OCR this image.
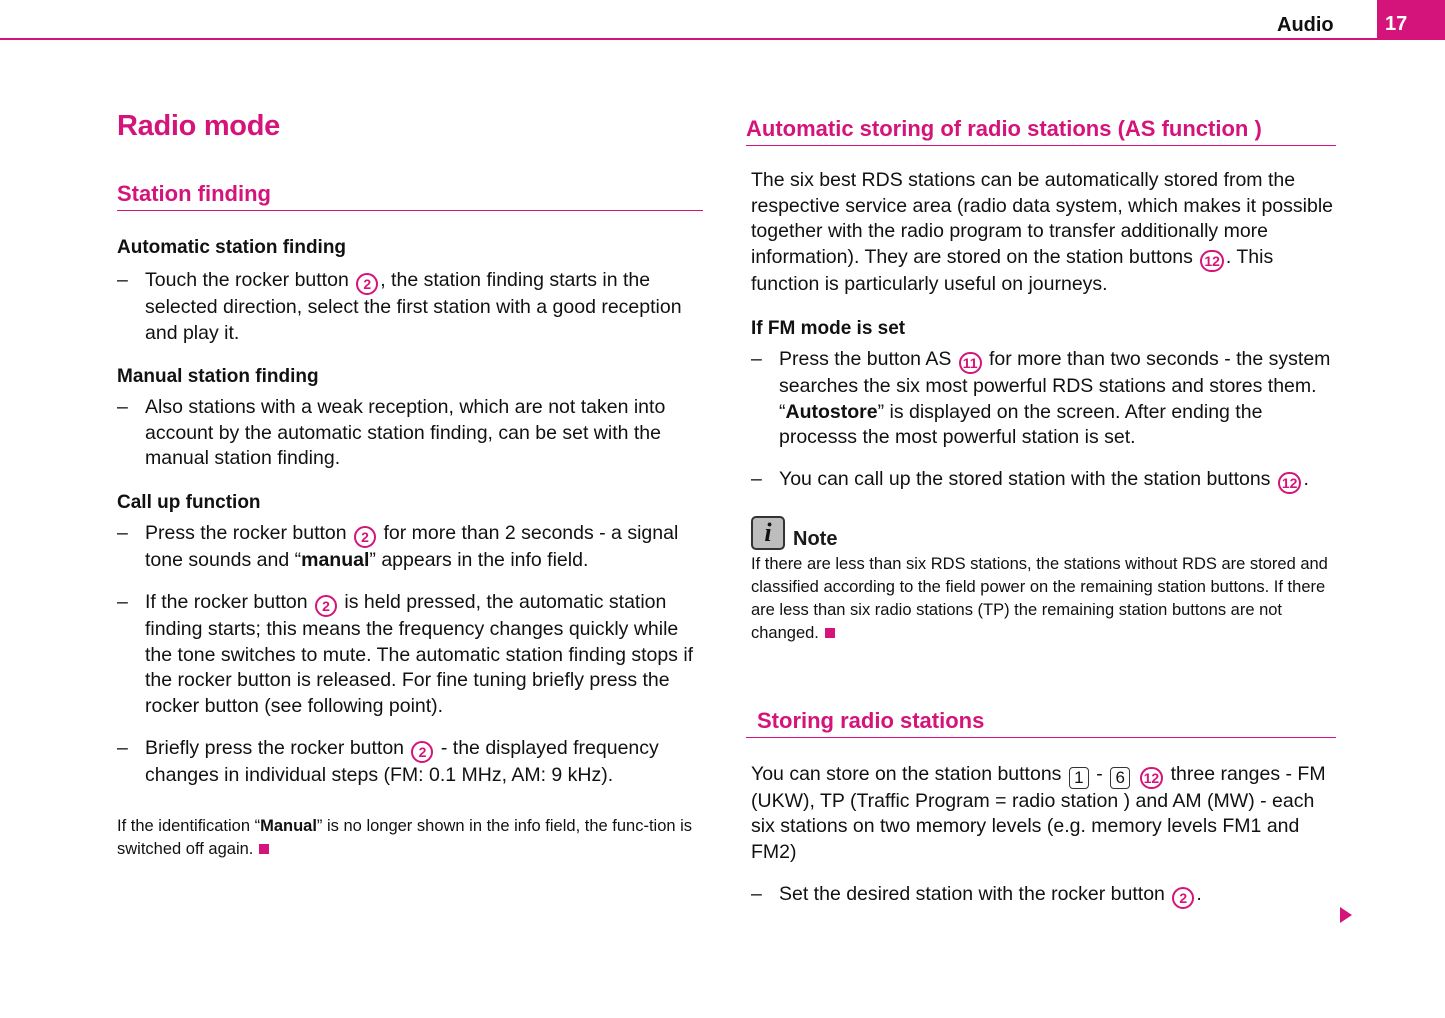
Audio	17
Radio mode
Station finding
Automatic station finding
– Touch the rocker button 2 , the station finding starts in the selected direction, select the first station with a good reception and play it.
Manual station finding
– Also stations with a weak reception, which are not taken into account by the automatic station finding, can be set with the manual station finding.
Call up function
– Press the rocker button 2 for more than 2 seconds - a signal tone sounds and “manual” appears in the info field.
– If the rocker button 2 is held pressed, the automatic station finding starts; this means the frequency changes quickly while the tone switches to mute. The automatic station finding stops if the rocker button is released. For fine tuning briefly press the rocker button (see following point).
– Briefly press the rocker button 2 - the displayed frequency changes in individual steps (FM: 0.1 MHz, AM: 9 kHz).
If the identification “Manual” is no longer shown in the info field, the func-tion is switched off again.
Automatic storing of radio stations (AS function )
The six best RDS stations can be automatically stored from the respective service area (radio data system, which makes it possible together with the radio program to transfer additionally more information). They are stored on the station buttons 12 . This function is particularly useful on journeys.
If FM mode is set
– Press the button AS 11 for more than two seconds - the system searches the six most powerful RDS stations and stores them. “Autostore” is displayed on the screen. After ending the processs the most powerful station is set.
– You can call up the stored station with the station buttons 12 .
i Note
If there are less than six RDS stations, the stations without RDS are stored and classified according to the field power on the remaining station buttons. If there are less than six radio stations (TP) the remaining station buttons are not changed.
Storing radio stations
You can store on the station buttons 1 - 6 12 three ranges - FM (UKW), TP (Traffic Program = radio station ) and AM (MW) - each six stations on two memory levels (e.g. memory levels FM1 and FM2)
– Set the desired station with the rocker button 2 .
